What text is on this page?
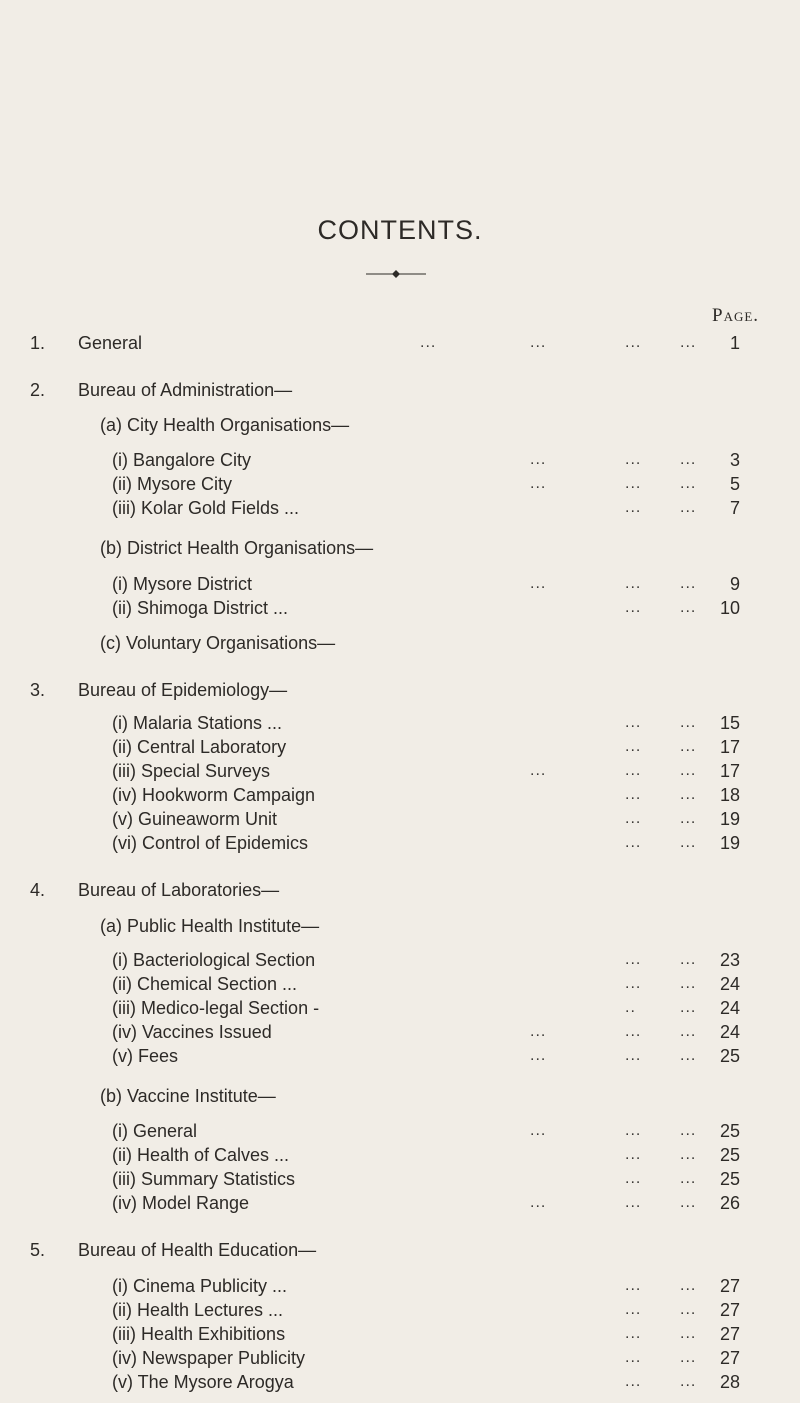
CONTENTS.
Page.
1. General	...	...	... ...	1
2. Bureau of Administration—
(a) City Health Organisations—
(i) Bangalore City	...	... ...	3
(ii) Mysore City	...	... ...	5
(iii) Kolar Gold Fields ...	... ...	7
(b) District Health Organisations—
(i) Mysore District	...	... ...	9
(ii) Shimoga District ...	... ...	10
(c) Voluntary Organisations—
3. Bureau of Epidemiology—
(i) Malaria Stations ...	... ...	15
(ii) Central Laboratory	... ...	17
(iii) Special Surveys	...	... ...	17
(iv) Hookworm Campaign	... ...	18
(v) Guineaworm Unit	... ...	19
(vi) Control of Epidemics	... ...	19
4. Bureau of Laboratories—
(a) Public Health Institute—
(i) Bacteriological Section	... ...	23
(ii) Chemical Section ...	... ...	24
(iii) Medico-legal Section -	..	...	24
(iv) Vaccines Issued	...	... ...	24
(v) Fees	...	... ...	25
(b) Vaccine Institute—
(i) General	...	... ...	25
(ii) Health of Calves ...	... ...	25
(iii) Summary Statistics	... ...	25
(iv) Model Range	...	... ...	26
5. Bureau of Health Education—
(i) Cinema Publicity ...	... ...	27
(ii) Health Lectures ...	... ...	27
(iii) Health Exhibitions	... ...	27
(iv) Newspaper Publicity	... ...	27
(v) The Mysore Arogya	... ...	28
